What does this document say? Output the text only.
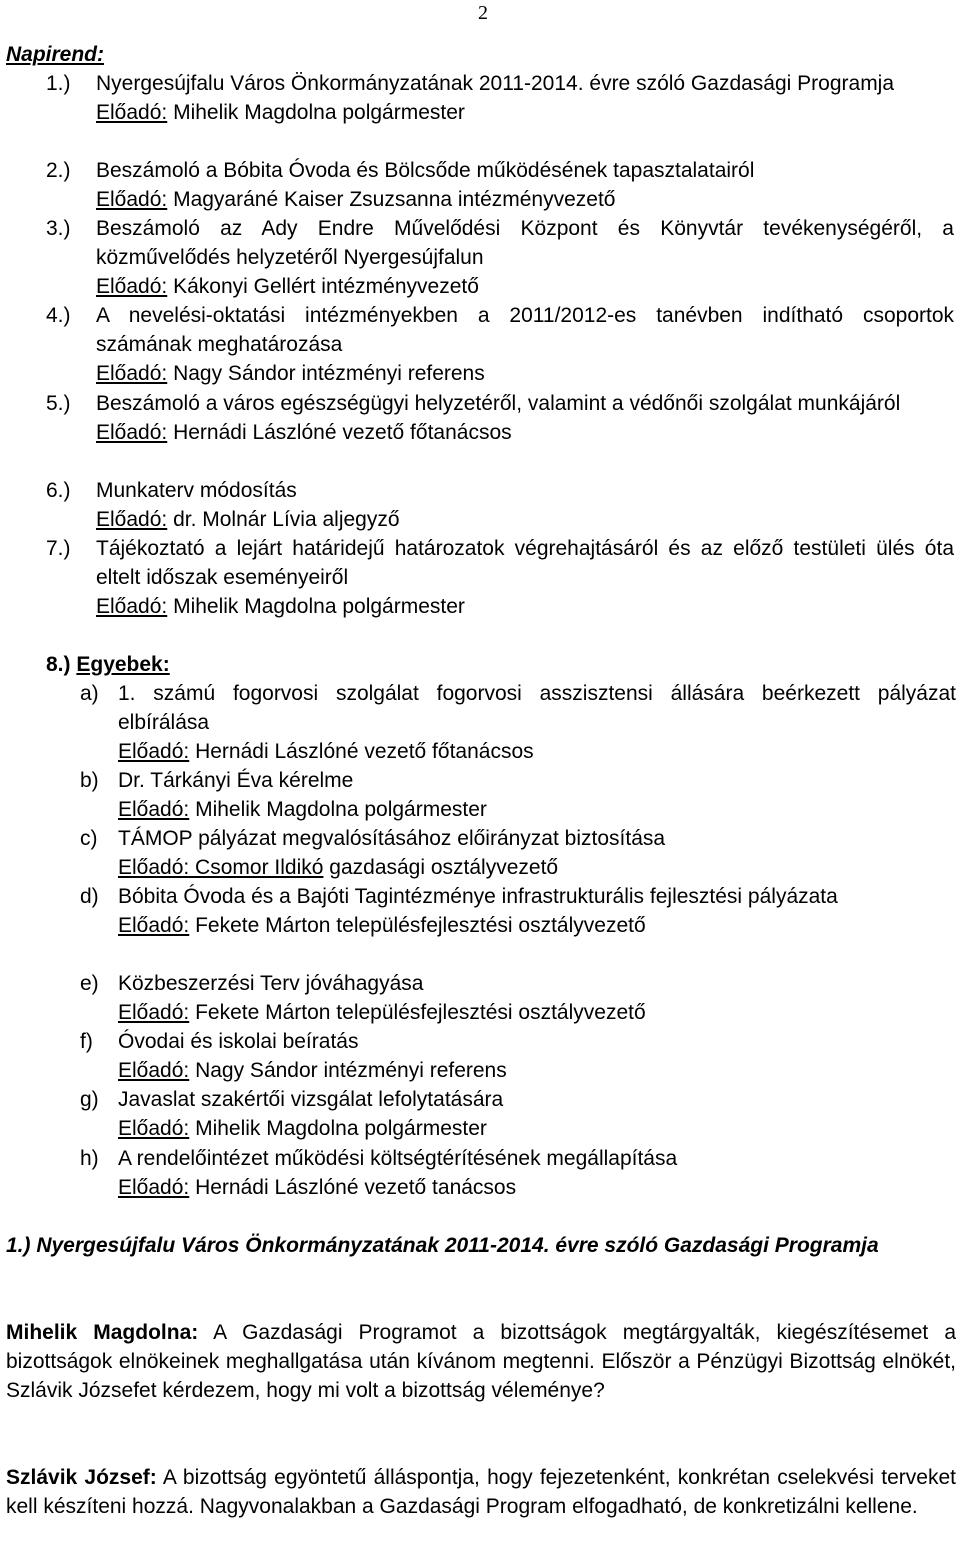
2
Napirend:
1.)	Nyergesújfalu Város Önkormányzatának 2011-2014. évre szóló Gazdasági Programja
Előadó: Mihelik Magdolna polgármester
2.)	Beszámoló a Bóbita Óvoda és Bölcsőde működésének tapasztalatairól
Előadó: Magyaráné Kaiser Zsuzsanna intézményvezető
3.)	Beszámoló az Ady Endre Művelődési Központ és Könyvtár tevékenységéről, a közművelődés helyzetéről Nyergesújfalun
Előadó: Kákonyi Gellért intézményvezető
4.)	A nevelési-oktatási intézményekben a 2011/2012-es tanévben indítható csoportok számának meghatározása
Előadó: Nagy Sándor intézményi referens
5.)	Beszámoló a város egészségügyi helyzetéről, valamint a védőnői szolgálat munkájáról
Előadó: Hernádi Lászlóné vezető főtanácsos
6.)	Munkaterv módosítás
Előadó: dr. Molnár Lívia aljegyző
7.)	Tájékoztató a lejárt határidejű határozatok végrehajtásáról és az előző testületi ülés óta eltelt időszak eseményeiről
Előadó: Mihelik Magdolna polgármester
8.) Egyebek:
a) 1. számú fogorvosi szolgálat fogorvosi asszisztensi állására beérkezett pályázat elbírálása
Előadó: Hernádi Lászlóné vezető főtanácsos
b) Dr. Tárkányi Éva kérelme
Előadó: Mihelik Magdolna polgármester
c) TÁMOP pályázat megvalósításához előirányzat biztosítása
Előadó: Csomor Ildikó gazdasági osztályvezető
d) Bóbita Óvoda és a Bajóti Tagintézménye infrastrukturális fejlesztési pályázata
Előadó: Fekete Márton településfejlesztési osztályvezető
e) Közbeszerzési Terv jóváhagyása
Előadó: Fekete Márton településfejlesztési osztályvezető
f)	Óvodai és iskolai beíratás
Előadó: Nagy Sándor intézményi referens
g) Javaslat szakértői vizsgálat lefolytatására
Előadó: Mihelik Magdolna polgármester
h) A rendelőintézet működési költségtérítésének megállapítása
Előadó: Hernádi Lászlóné vezető tanácsos
1.) Nyergesújfalu Város Önkormányzatának 2011-2014. évre szóló Gazdasági Programja
Mihelik Magdolna: A Gazdasági Programot a bizottságok megtárgyalták, kiegészítésemet a bizottságok elnökeinek meghallgatása után kívánom megtenni. Először a Pénzügyi Bizottság elnökét, Szlávik Józsefet kérdezem, hogy mi volt a bizottság véleménye?
Szlávik József: A bizottság egyöntetű álláspontja, hogy fejezetenként, konkrétan cselekvési terveket kell készíteni hozzá. Nagyvonalakban a Gazdasági Program elfogadható, de konkretizálni kellene.
